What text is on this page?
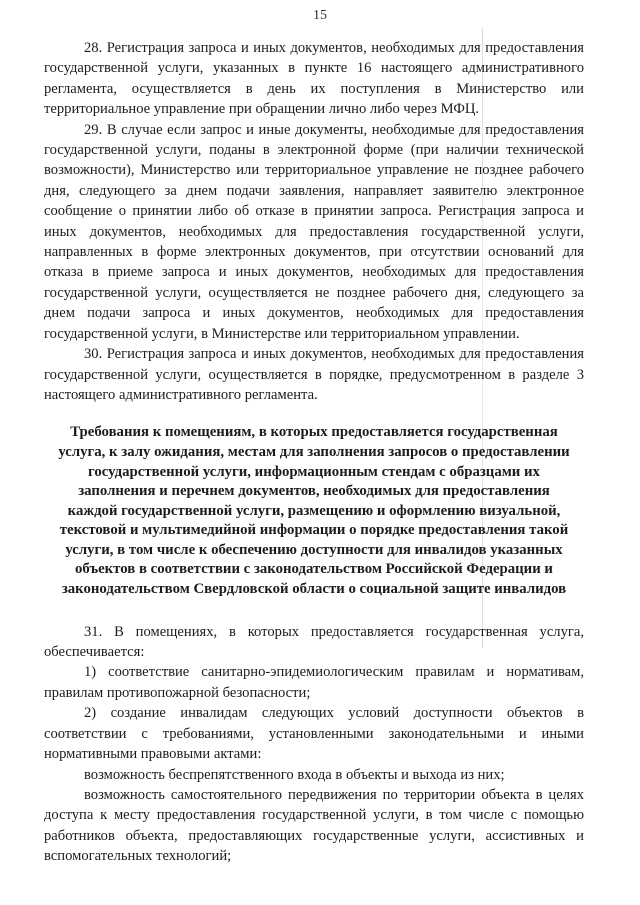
15

28. Регистрация запроса и иных документов, необходимых для предоставления государственной услуги, указанных в пункте 16 настоящего административного регламента, осуществляется в день их поступления в Министерство или территориальное управление при обращении лично либо через МФЦ.

29. В случае если запрос и иные документы, необходимые для предоставления государственной услуги, поданы в электронной форме (при наличии технической возможности), Министерство или территориальное управление не позднее рабочего дня, следующего за днем подачи заявления, направляет заявителю электронное сообщение о принятии либо об отказе в принятии запроса. Регистрация запроса и иных документов, необходимых для предоставления государственной услуги, направленных в форме электронных документов, при отсутствии оснований для отказа в приеме запроса и иных документов, необходимых для предоставления государственной услуги, осуществляется не позднее рабочего дня, следующего за днем подачи запроса и иных документов, необходимых для предоставления государственной услуги, в Министерстве или территориальном управлении.

30. Регистрация запроса и иных документов, необходимых для предоставления государственной услуги, осуществляется в порядке, предусмотренном в разделе 3 настоящего административного регламента.

Требования к помещениям, в которых предоставляется государственная услуга, к залу ожидания, местам для заполнения запросов о предоставлении государственной услуги, информационным стендам с образцами их заполнения и перечнем документов, необходимых для предоставления каждой государственной услуги, размещению и оформлению визуальной, текстовой и мультимедийной информации о порядке предоставления такой услуги, в том числе к обеспечению доступности для инвалидов указанных объектов в соответствии с законодательством Российской Федерации и законодательством Свердловской области о социальной защите инвалидов

31. В помещениях, в которых предоставляется государственная услуга, обеспечивается:

1) соответствие санитарно-эпидемиологическим правилам и нормативам, правилам противопожарной безопасности;

2) создание инвалидам следующих условий доступности объектов в соответствии с требованиями, установленными законодательными и иными нормативными правовыми актами:

возможность беспрепятственного входа в объекты и выхода из них;

возможность самостоятельного передвижения по территории объекта в целях доступа к месту предоставления государственной услуги, в том числе с помощью работников объекта, предоставляющих государственные услуги, ассистивных и вспомогательных технологий;
